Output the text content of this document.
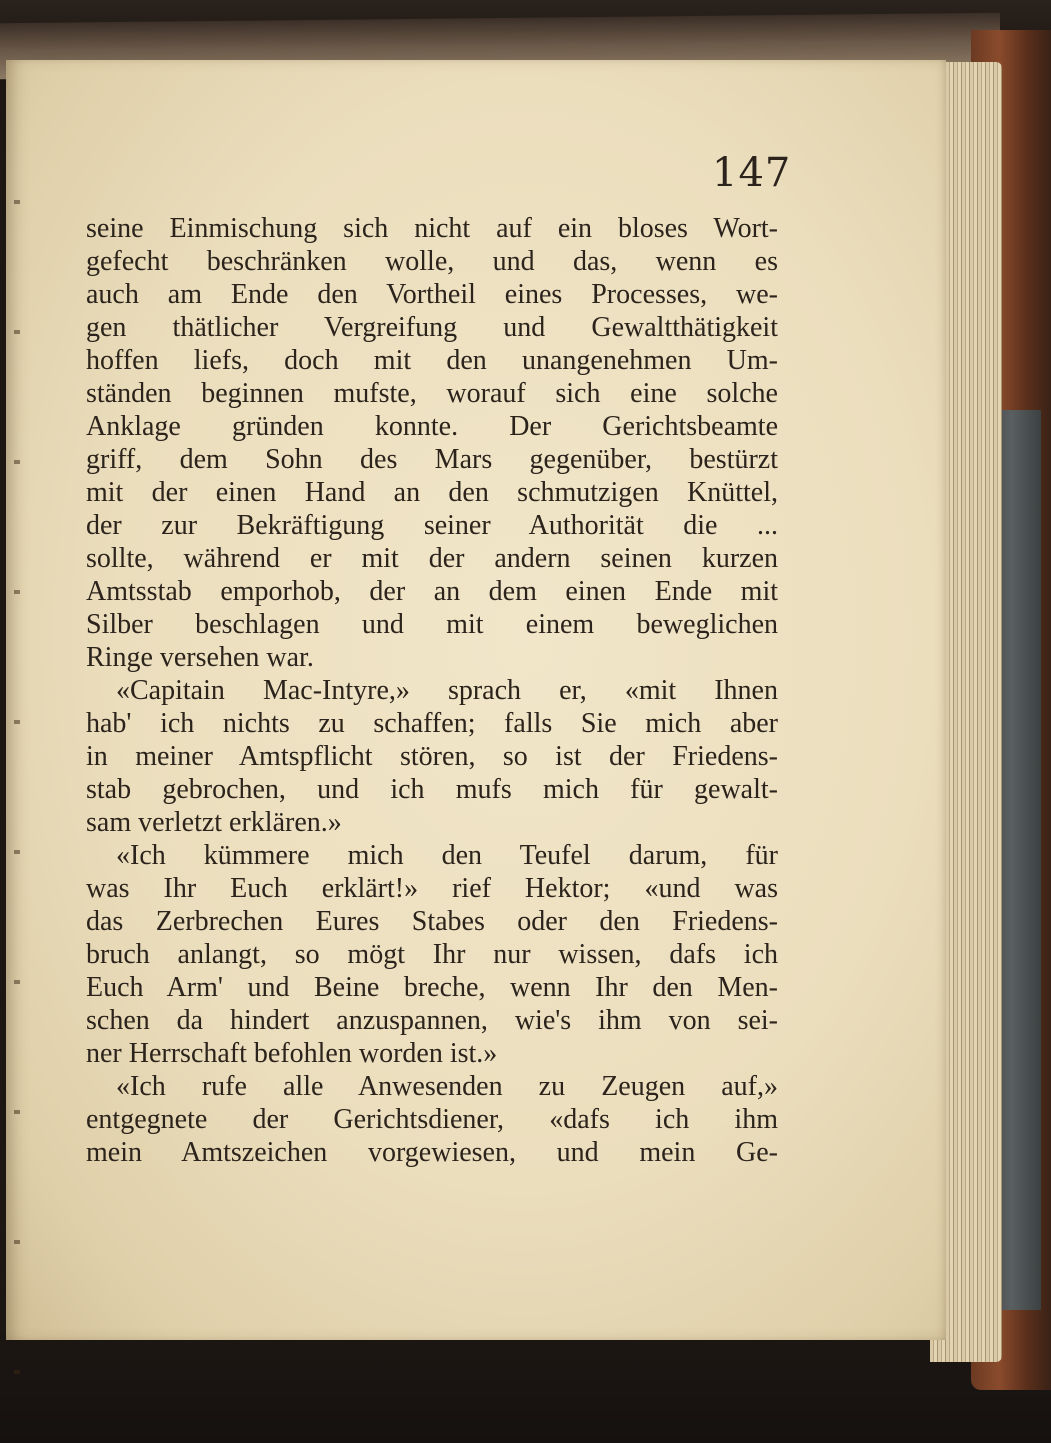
147
seine Einmischung sich nicht auf ein bloses Wort-
gefecht beschränken wolle, und das, wenn es
auch am Ende den Vortheil eines Processes, we-
gen thätlicher Vergreifung und Gewaltthätigkeit
hoffen liefs, doch mit den unangenehmen Um-
ständen beginnen mufste, worauf sich eine solche
Anklage gründen konnte. Der Gerichtsbeamte
griff, dem Sohn des Mars gegenüber, bestürzt
mit der einen Hand an den schmutzigen Knüttel,
der zur Bekräftigung seiner Authorität die ...
sollte, während er mit der andern seinen kurzen
Amtsstab emporhob, der an dem einen Ende mit
Silber beschlagen und mit einem beweglichen
Ringe versehen war.
«Capitain Mac-Intyre,» sprach er, «mit Ihnen
hab' ich nichts zu schaffen; falls Sie mich aber
in meiner Amtspflicht stören, so ist der Friedens-
stab gebrochen, und ich mufs mich für gewalt-
sam verletzt erklären.»
«Ich kümmere mich den Teufel darum, für
was Ihr Euch erklärt!» rief Hektor; «und was
das Zerbrechen Eures Stabes oder den Friedens-
bruch anlangt, so mögt Ihr nur wissen, dafs ich
Euch Arm' und Beine breche, wenn Ihr den Men-
schen da hindert anzuspannen, wie's ihm von sei-
ner Herrschaft befohlen worden ist.»
«Ich rufe alle Anwesenden zu Zeugen auf,»
entgegnete der Gerichtsdiener, «dafs ich ihm
mein Amtszeichen vorgewiesen, und mein Ge-
